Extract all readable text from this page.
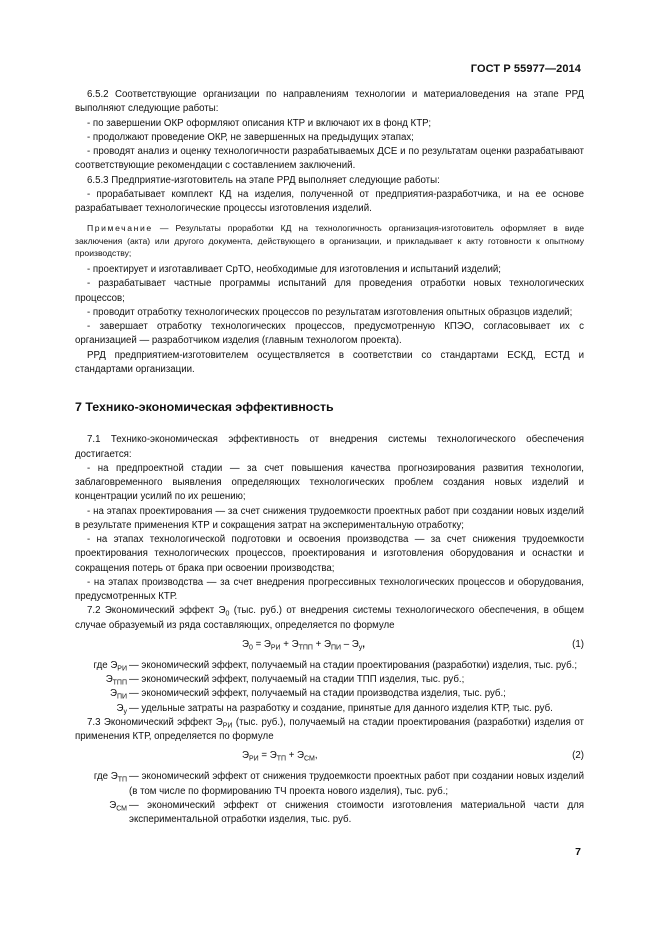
ГОСТ Р 55977—2014

6.5.2 Соответствующие организации по направлениям технологии и материаловедения на этапе РРД выполняют следующие работы:

- по завершении ОКР оформляют описания КТР и включают их в фонд КТР;

- продолжают проведение ОКР, не завершенных на предыдущих этапах;

- проводят анализ и оценку технологичности разрабатываемых ДСЕ и по результатам оценки разрабатывают соответствующие рекомендации с составлением заключений.

6.5.3 Предприятие-изготовитель на этапе РРД выполняет следующие работы:

- прорабатывает комплект КД на изделия, полученной от предприятия-разработчика, и на ее основе разрабатывает технологические процессы изготовления изделий.

Примечание — Результаты проработки КД на технологичность организация-изготовитель оформляет в виде заключения (акта) или другого документа, действующего в организации, и прикладывает к акту готовности к опытному производству;

- проектирует и изготавливает СрТО, необходимые для изготовления и испытаний изделий;

- разрабатывает частные программы испытаний для проведения отработки новых технологических процессов;

- проводит отработку технологических процессов по результатам изготовления опытных образцов изделий;

- завершает отработку технологических процессов, предусмотренную КПЭО, согласовывает их с организацией — разработчиком изделия (главным технологом проекта).

РРД предприятием-изготовителем осуществляется в соответствии со стандартами ЕСКД, ЕСТД и стандартами организации.

7 Технико-экономическая эффективность

7.1 Технико-экономическая эффективность от внедрения системы технологического обеспечения достигается:

- на предпроектной стадии — за счет повышения качества прогнозирования развития технологии, заблаговременного выявления определяющих технологических проблем создания новых изделий и концентрации усилий по их решению;

- на этапах проектирования — за счет снижения трудоемкости проектных работ при создании новых изделий в результате применения КТР и сокращения затрат на экспериментальную отработку;

- на этапах технологической подготовки и освоения производства — за счет снижения трудоемкости проектирования технологических процессов, проектирования и изготовления оборудования и оснастки и сокращения потерь от брака при освоении производства;

- на этапах производства — за счет внедрения прогрессивных технологических процессов и оборудования, предусмотренных КТР.

7.2 Экономический эффект $Э_0$ (тыс. руб.) от внедрения системы технологического обеспечения, в общем случае образуемый из ряда составляющих, определяется по формуле

$Э_0 = Э_{РИ} + Э_{ТПП} + Э_{ПИ} - Э_у$,	(1)
где $Э_{РИ}$ — экономический эффект, получаемый на стадии проектирования (разработки) изделия, тыс. руб.;
$Э_{ТПП}$ — экономический эффект, получаемый на стадии ТПП изделия, тыс. руб.;
$Э_{ПИ}$ — экономический эффект, получаемый на стадии производства изделия, тыс. руб.;
$Э_у$ — удельные затраты на разработку и создание, принятые для данного изделия КТР, тыс. руб.

7.3 Экономический эффект $Э_{РИ}$ (тыс. руб.), получаемый на стадии проектирования (разработки) изделия от применения КТР, определяется по формуле

$Э_{РИ} = Э_{ТП} + Э_{СМ}$,	(2)
где $Э_{ТП}$ — экономический эффект от снижения трудоемкости проектных работ при создании новых изделий (в том числе по формированию ТЧ проекта нового изделия), тыс. руб.;
$Э_{СМ}$ — экономический эффект от снижения стоимости изготовления материальной части для экспериментальной отработки изделия, тыс. руб.
7
